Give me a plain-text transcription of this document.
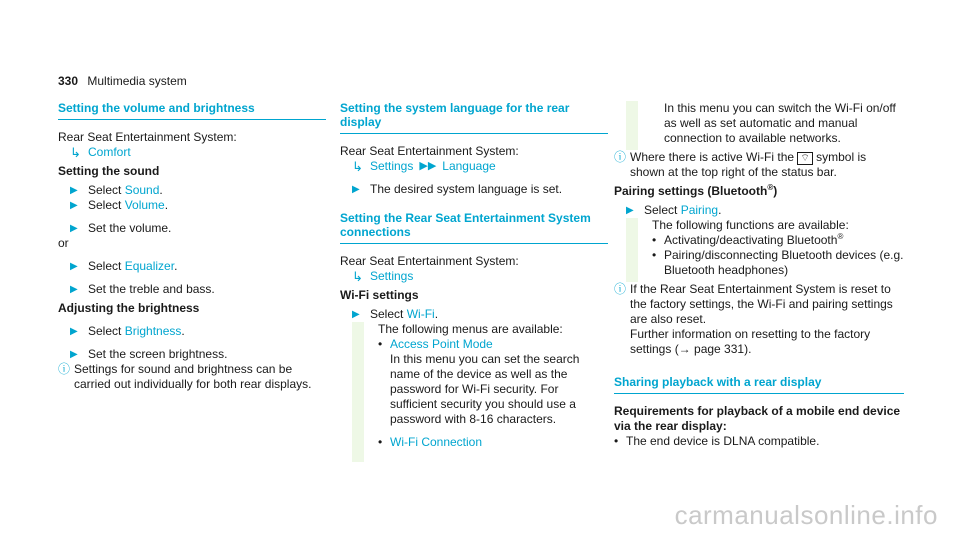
330 Multimedia system
Setting the volume and brightness
Rear Seat Entertainment System:
↳ Comfort
Setting the sound
▶ Select Sound.
▶ Select Volume.
▶ Set the volume.
or
▶ Select Equalizer.
▶ Set the treble and bass.
Adjusting the brightness
▶ Select Brightness.
▶ Set the screen brightness.
ⓘ Settings for sound and brightness can be carried out individually for both rear displays.
Setting the system language for the rear display
Rear Seat Entertainment System:
↳ Settings ▶▶ Language
▶ The desired system language is set.
Setting the Rear Seat Entertainment System connections
Rear Seat Entertainment System:
↳ Settings
Wi-Fi settings
▶ Select Wi-Fi.
The following menus are available:
• Access Point Mode
In this menu you can set the search name of the device as well as the password for Wi-Fi security. For sufficient security you should use a password with 8-16 characters.
• Wi-Fi Connection
In this menu you can switch the Wi-Fi on/off as well as set automatic and manual connection to available networks.
ⓘ Where there is active Wi-Fi the ⌔ symbol is shown at the top right of the status bar.
Pairing settings (Bluetooth®)
▶ Select Pairing.
The following functions are available:
• Activating/deactivating Bluetooth®
• Pairing/disconnecting Bluetooth devices (e.g. Bluetooth headphones)
ⓘ If the Rear Seat Entertainment System is reset to the factory settings, the Wi-Fi and pairing settings are also reset.
Further information on resetting to the factory settings (→ page 331).
Sharing playback with a rear display
Requirements for playback of a mobile end device via the rear display:
• The end device is DLNA compatible.
carmanualsonline.info
